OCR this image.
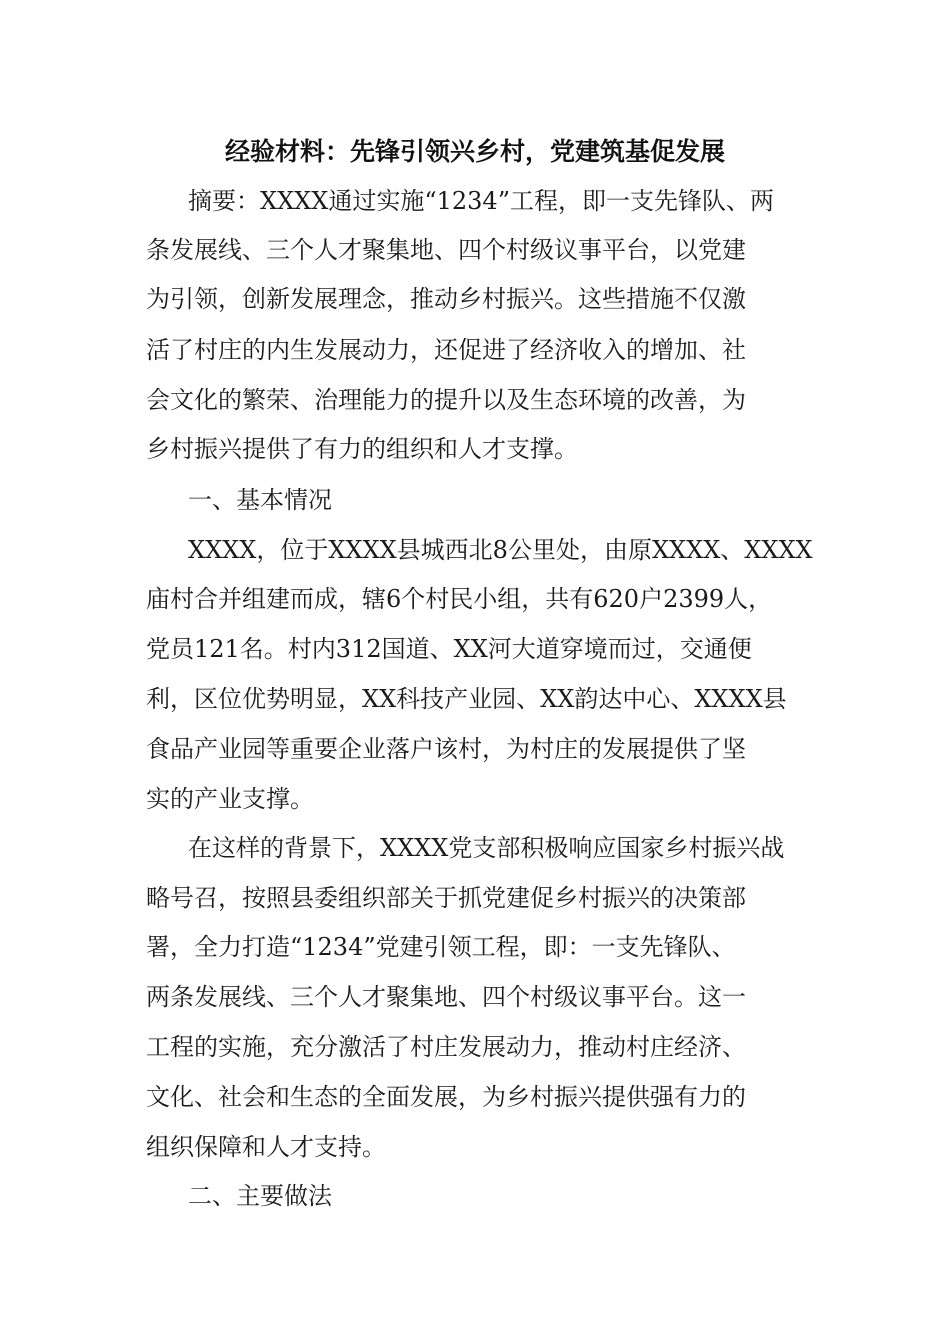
经验材料：先锋引领兴乡村，党建筑基促发展
摘要：XXXX通过实施“1234”工程，即一支先锋队、两
条发展线、三个人才聚集地、四个村级议事平台，以党建
为引领，创新发展理念，推动乡村振兴。这些措施不仅激
活了村庄的内生发展动力，还促进了经济收入的增加、社
会文化的繁荣、治理能力的提升以及生态环境的改善，为
乡村振兴提供了有力的组织和人才支撑。
一、基本情况
XXXX，位于XXXX县城西北8公里处，由原XXXX、XXXX
庙村合并组建而成，辖6个村民小组，共有620户2399人，
党员121名。村内312国道、XX河大道穿境而过，交通便
利，区位优势明显，XX科技产业园、XX韵达中心、XXXX县
食品产业园等重要企业落户该村，为村庄的发展提供了坚
实的产业支撑。
在这样的背景下，XXXX党支部积极响应国家乡村振兴战
略号召，按照县委组织部关于抓党建促乡村振兴的决策部
署，全力打造“1234”党建引领工程，即：一支先锋队、
两条发展线、三个人才聚集地、四个村级议事平台。这一
工程的实施，充分激活了村庄发展动力，推动村庄经济、
文化、社会和生态的全面发展，为乡村振兴提供强有力的
组织保障和人才支持。
二、主要做法
